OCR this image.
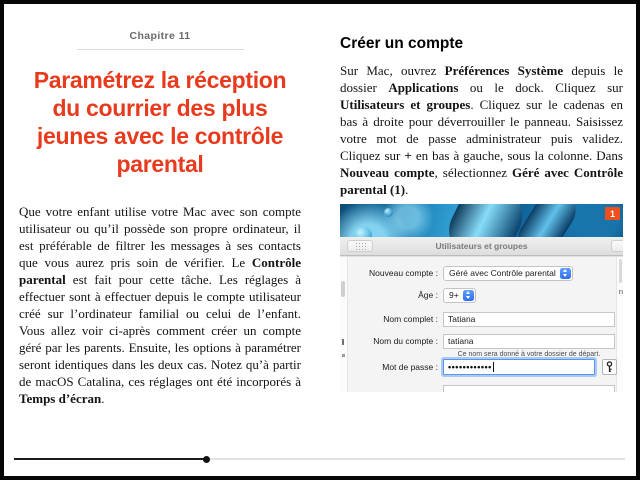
Chapitre 11
Paramétrez la réception du courrier des plus jeunes avec le contrôle parental
Que votre enfant utilise votre Mac avec son compte utilisateur ou qu’il possède son propre ordinateur, il est préférable de filtrer les messages à ses contacts que vous aurez pris soin de vérifier. Le Contrôle parental est fait pour cette tâche. Les réglages à effectuer sont à effectuer depuis le compte utilisateur créé sur l’ordinateur familial ou celui de l’enfant. Vous allez voir ci-après comment créer un compte géré par les parents. Ensuite, les options à paramétrer seront identiques dans les deux cas. Notez qu’à partir de macOS Catalina, ces réglages ont été incorporés à Temps d’écran.
Créer un compte
Sur Mac, ouvrez Préférences Système depuis le dossier Applications ou le dock. Cliquez sur Utilisateurs et groupes. Cliquez sur le cadenas en bas à droite pour déverrouiller le panneau. Saisissez votre mot de passe administrateur puis validez. Cliquez sur + en bas à gauche, sous la colonne. Dans Nouveau compte, sélectionnez Géré avec Contrôle parental (1).
1
Utilisateurs et groupes
n
Nouveau compte : Géré avec Contrôle parental
Âge : 9+
Nom complet :	Tatiana
Nom du compte :	tatiana
Ce nom sera donné à votre dossier de départ.
Mot de passe : ••••••••••••
